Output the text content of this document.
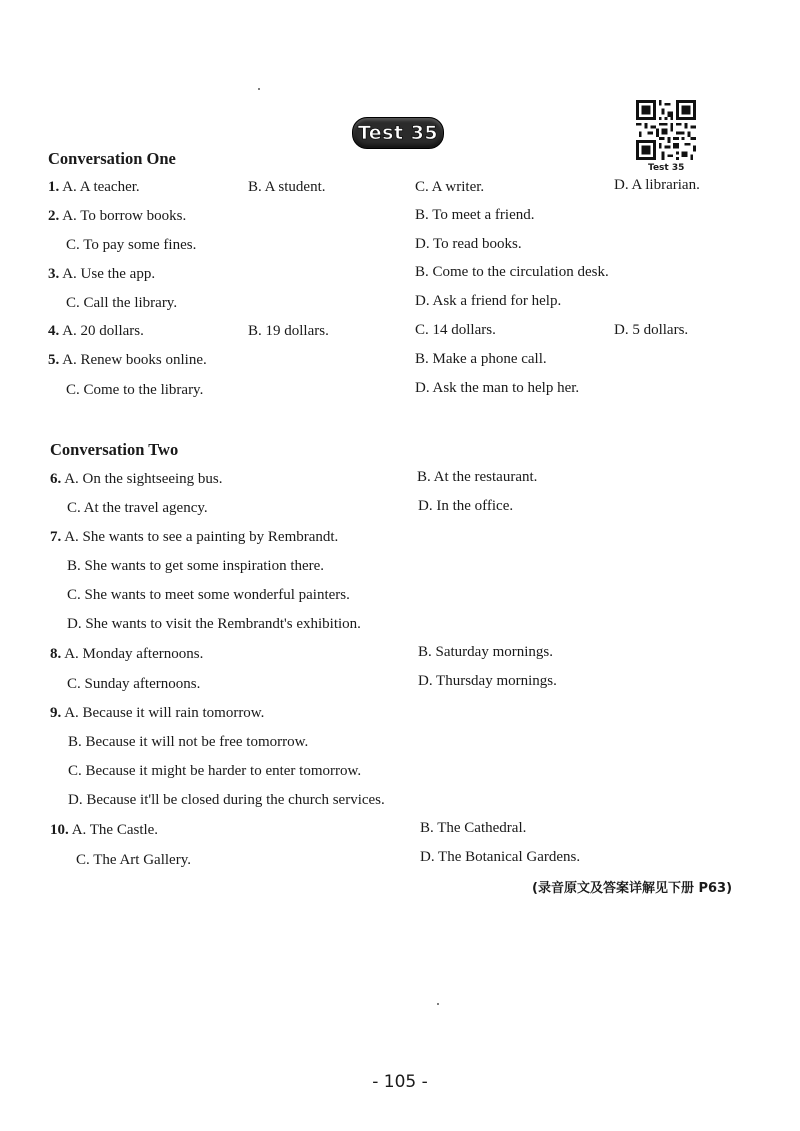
Test 35
Test 35
Conversation One
1. A. A teacher.	B. A student.	C. A writer.	D. A librarian.
2. A. To borrow books.	B. To meet a friend.
C. To pay some fines.	D. To read books.
3. A. Use the app.	B. Come to the circulation desk.
C. Call the library.	D. Ask a friend for help.
4. A. 20 dollars.	B. 19 dollars.	C. 14 dollars.	D. 5 dollars.
5. A. Renew books online.	B. Make a phone call.
C. Come to the library.	D. Ask the man to help her.
Conversation Two
6. A. On the sightseeing bus.	B. At the restaurant.
C. At the travel agency.	D. In the office.
7. A. She wants to see a painting by Rembrandt.
B. She wants to get some inspiration there.
C. She wants to meet some wonderful painters.
D. She wants to visit the Rembrandt's exhibition.
8. A. Monday afternoons.	B. Saturday mornings.
C. Sunday afternoons.	D. Thursday mornings.
9. A. Because it will rain tomorrow.
B. Because it will not be free tomorrow.
C. Because it might be harder to enter tomorrow.
D. Because it'll be closed during the church services.
10. A. The Castle.	B. The Cathedral.
C. The Art Gallery.	D. The Botanical Gardens.
(录音原文及答案详解见下册 P63)
- 105 -
